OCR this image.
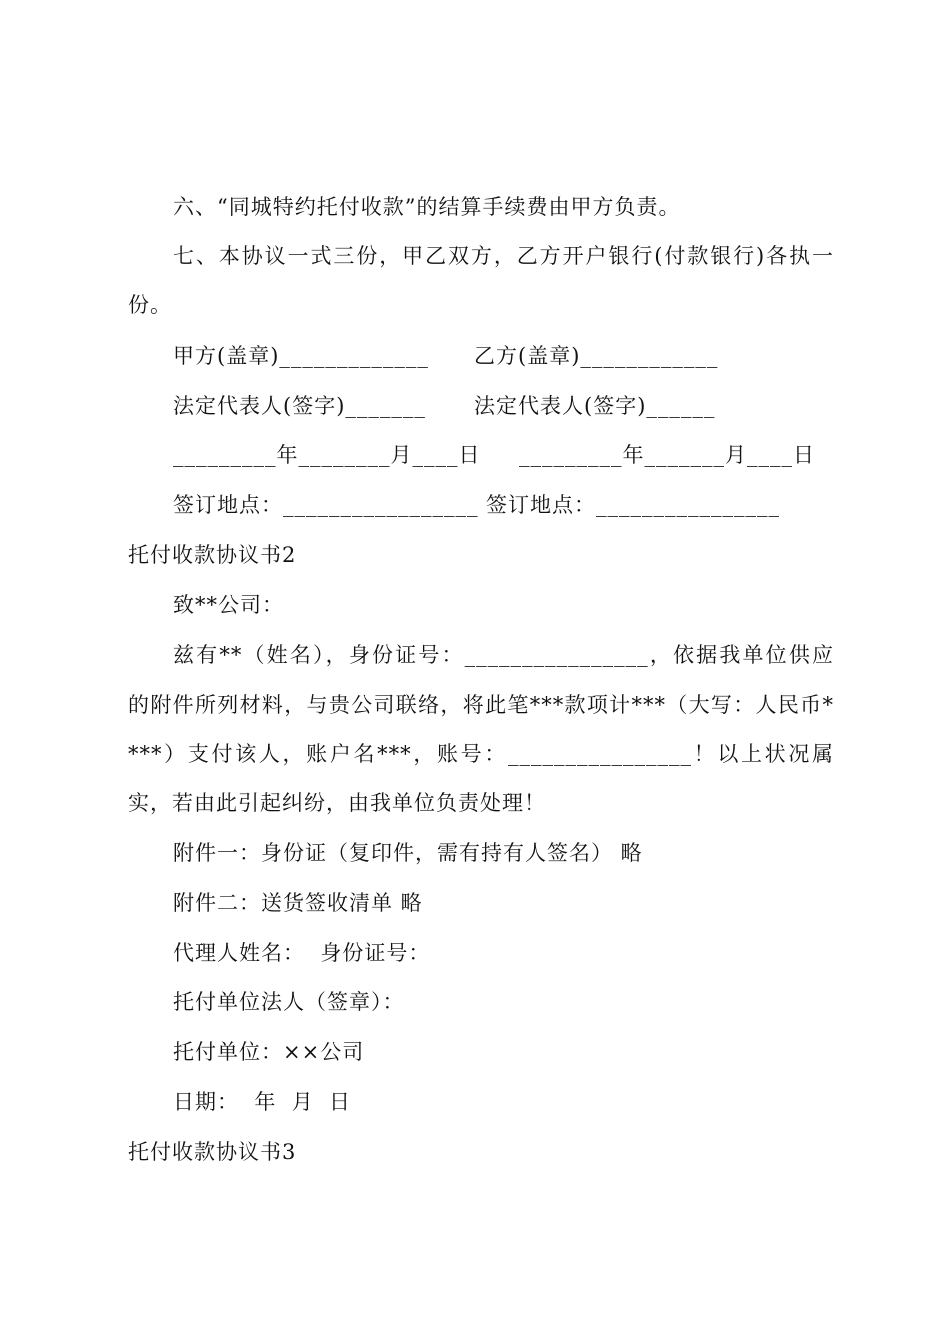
六、“同城特约托付收款”的结算手续费由甲方负责。
七、本协议一式三份，甲乙双方，乙方开户银行(付款银行)各执一
份。
甲方(盖章)_____________ 乙方(盖章)____________
法定代表人(签字)_______ 法定代表人(签字)______
_________年________月____日 _________年_______月____日
签订地点：_________________ 签订地点：________________
托付收款协议书2
致**公司：
兹有**（姓名），身份证号：________________，依据我单位供应
的附件所列材料，与贵公司联络，将此笔***款项计***（大写：人民币*
***）支付该人，账户名***，账号：________________！以上状况属
实，若由此引起纠纷，由我单位负责处理！
附件一：身份证（复印件，需有持有人签名） 略
附件二：送货签收清单 略
代理人姓名：  身份证号：
托付单位法人（签章）：
托付单位：××公司
日期：  年  月  日
托付收款协议书3
